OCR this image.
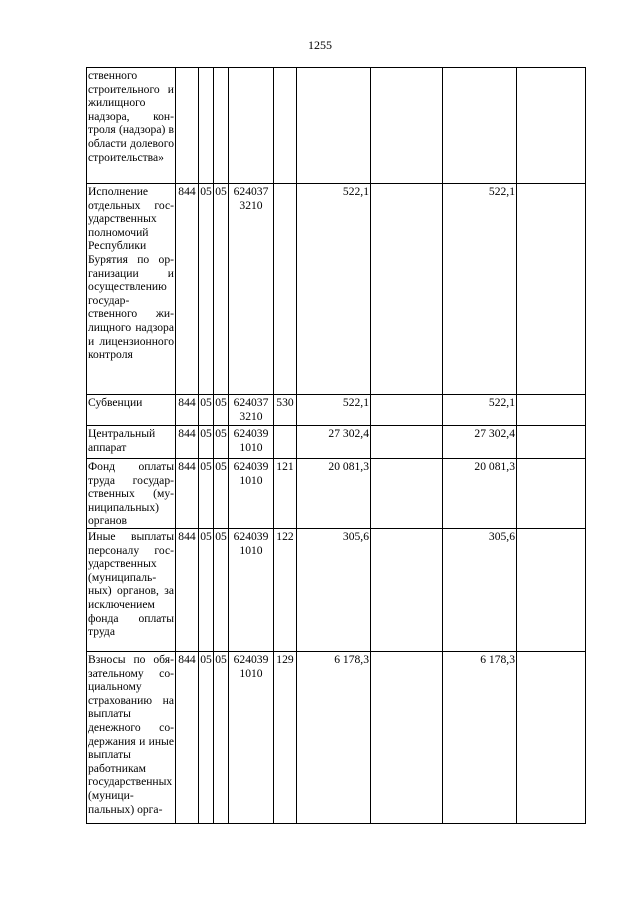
1255
ственного строительного и жилищного надзора, контроля (надзора) в области долевого строительства»									
Исполнение отдельных государственных полномочий Республики Бурятия по организации и осуществлению государственного жилищного надзора и лицензионного контроля	844	05	05	624037 3210		522,1		522,1	
Субвенции	844	05	05	624037 3210	530	522,1		522,1	
Центральный аппарат	844	05	05	624039 1010		27 302,4		27 302,4	
Фонд оплаты труда государственных (муниципальных) органов	844	05	05	624039 1010	121	20 081,3		20 081,3	
Иные выплаты персоналу государственных (муниципальных) органов, за исключением фонда оплаты труда	844	05	05	624039 1010	122	305,6		305,6	
Взносы по обязательному социальному страхованию на выплаты денежного содержания и иные выплаты работникам государственных (муниципальных) орга-	844	05	05	624039 1010	129	6 178,3		6 178,3	
